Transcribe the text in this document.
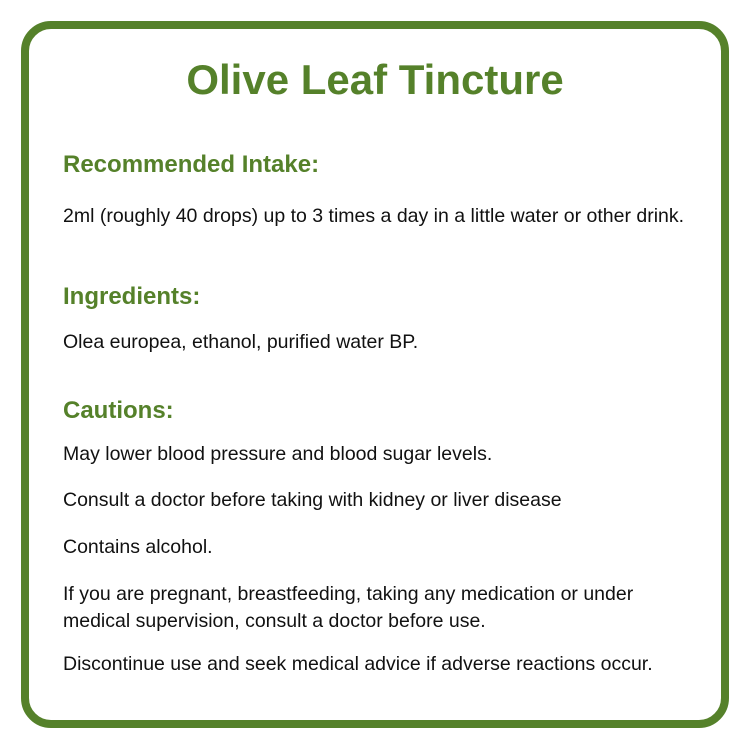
Olive Leaf Tincture
Recommended Intake:

2ml (roughly 40 drops) up to 3 times a day in a little water or other drink.

Ingredients:

Olea europea, ethanol, purified water BP.

Cautions:

May lower blood pressure and blood sugar levels.

Consult a doctor before taking with kidney or liver disease

Contains alcohol.

If you are pregnant, breastfeeding, taking any medication or under medical supervision, consult a doctor before use.

Discontinue use and seek medical advice if adverse reactions occur.
